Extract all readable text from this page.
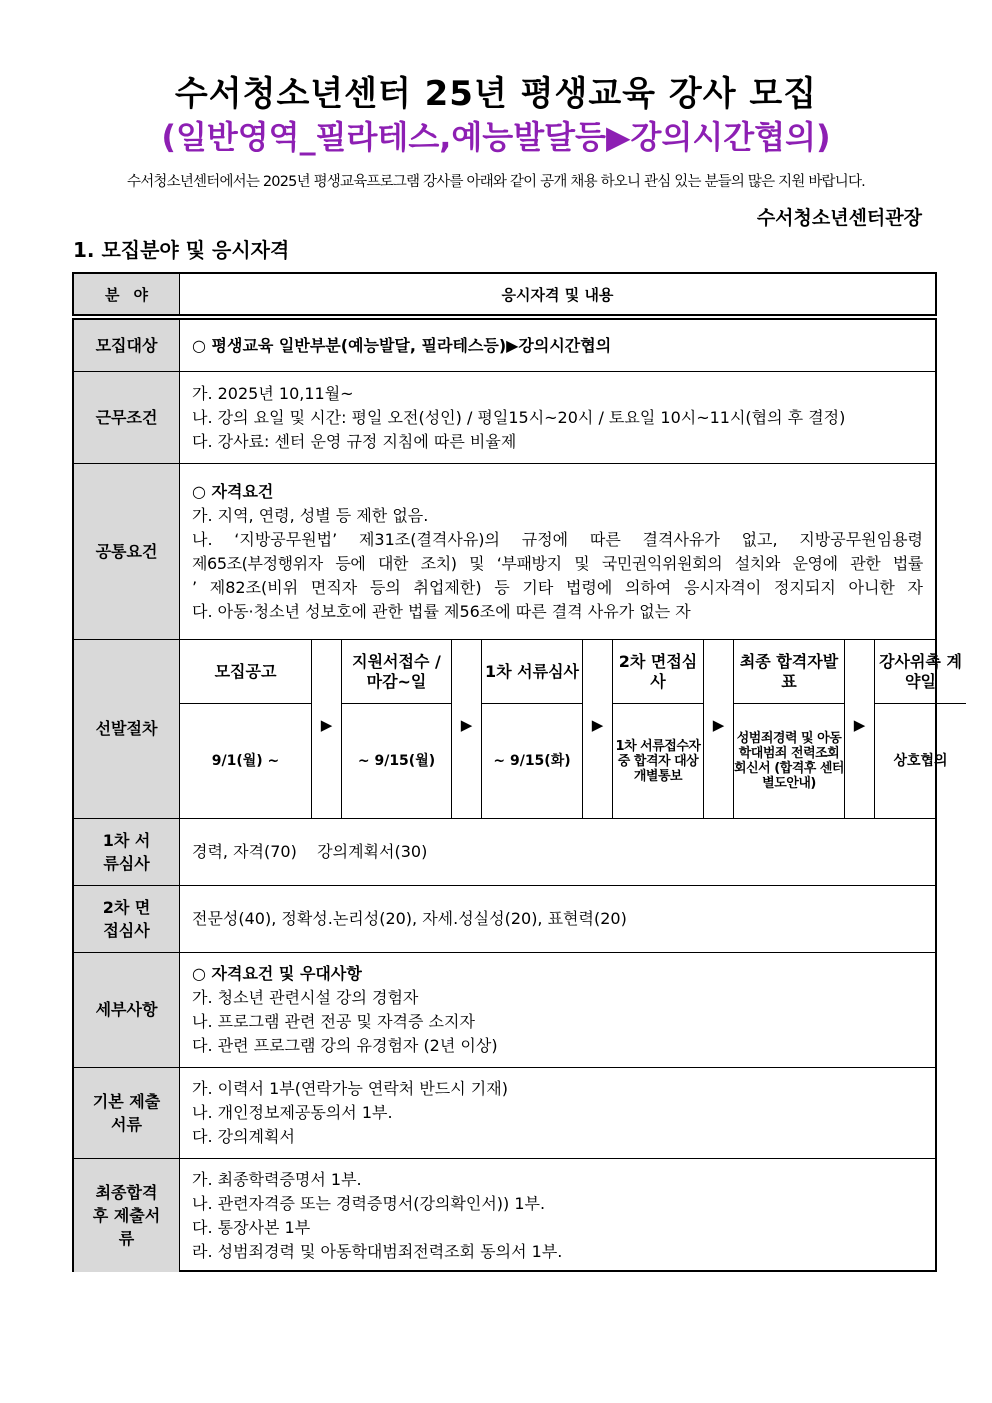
수서청소년센터 25년 평생교육 강사 모집
(일반영역_필라테스,예능발달등▶강의시간협의)
수서청소년센터에서는 2025년 평생교육프로그램 강사를 아래와 같이 공개 채용 하오니 관심 있는 분들의 많은 지원 바랍니다.
수서청소년센터관장
1. 모집분야 및 응시자격
분야	응시자격 및 내용
모집대상	○ 평생교육 일반부분(예능발달, 필라테스등)▶강의시간협의

근무조건

가. 2025년 10,11월~

나. 강의 요일 및 시간: 평일 오전(성인) / 평일15시~20시 / 토요일 10시~11시(협의 후 결정)

다. 강사료: 센터 운영 규정 지침에 따른 비율제

공통요건

○ 자격요건

가. 지역, 연령, 성별 등 제한 없음.

나. ‘지방공무원법’ 제31조(결격사유)의 규정에 따른 결격사유가 없고, 지방공무원임용령

제65조(부정행위자 등에 대한 조치) 및 ‘부패방지 및 국민권익위원회의 설치와 운영에 관한 법률

’ 제82조(비위 면직자 등의 취업제한) 등 기타 법령에 의하여 응시자격이 정지되지 아니한 자

다. 아동·청소년 성보호에 관한 법률 제56조에 따른 결격 사유가 없는 자

선발절차
모집공고
지원서접수 / 마감~일
1차 서류심사
2차 면접심사
최종 합격자발표
강사위촉 계약일
9/1(월) ~
▶
~ 9/15(월)
▶
~ 9/15(화)
▶
1차 서류접수자 중 합격자 대상 개별통보
▶
성범죄경력 및 아동학대범죄 전력조회 회신서 (합격후 센터별도안내)
▶
상호협의
1차 서류심사

경력, 자격(70)    강의계획서(30)

2차 면접심사

전문성(40), 정확성.논리성(20), 자세.성실성(20), 표현력(20)

세부사항

○ 자격요건 및 우대사항

가. 청소년 관련시설 강의 경험자

나. 프로그램 관련 전공 및 자격증 소지자

다. 관련 프로그램 강의 유경험자 (2년 이상)

기본 제출서류

가. 이력서 1부(연락가능 연락처 반드시 기재)

나. 개인정보제공동의서 1부.

다. 강의계획서

최종합격 후 제출서류

가. 최종학력증명서 1부.

나. 관련자격증 또는 경력증명서(강의확인서)) 1부.

다. 통장사본 1부

라. 성범죄경력 및 아동학대범죄전력조회 동의서 1부.
